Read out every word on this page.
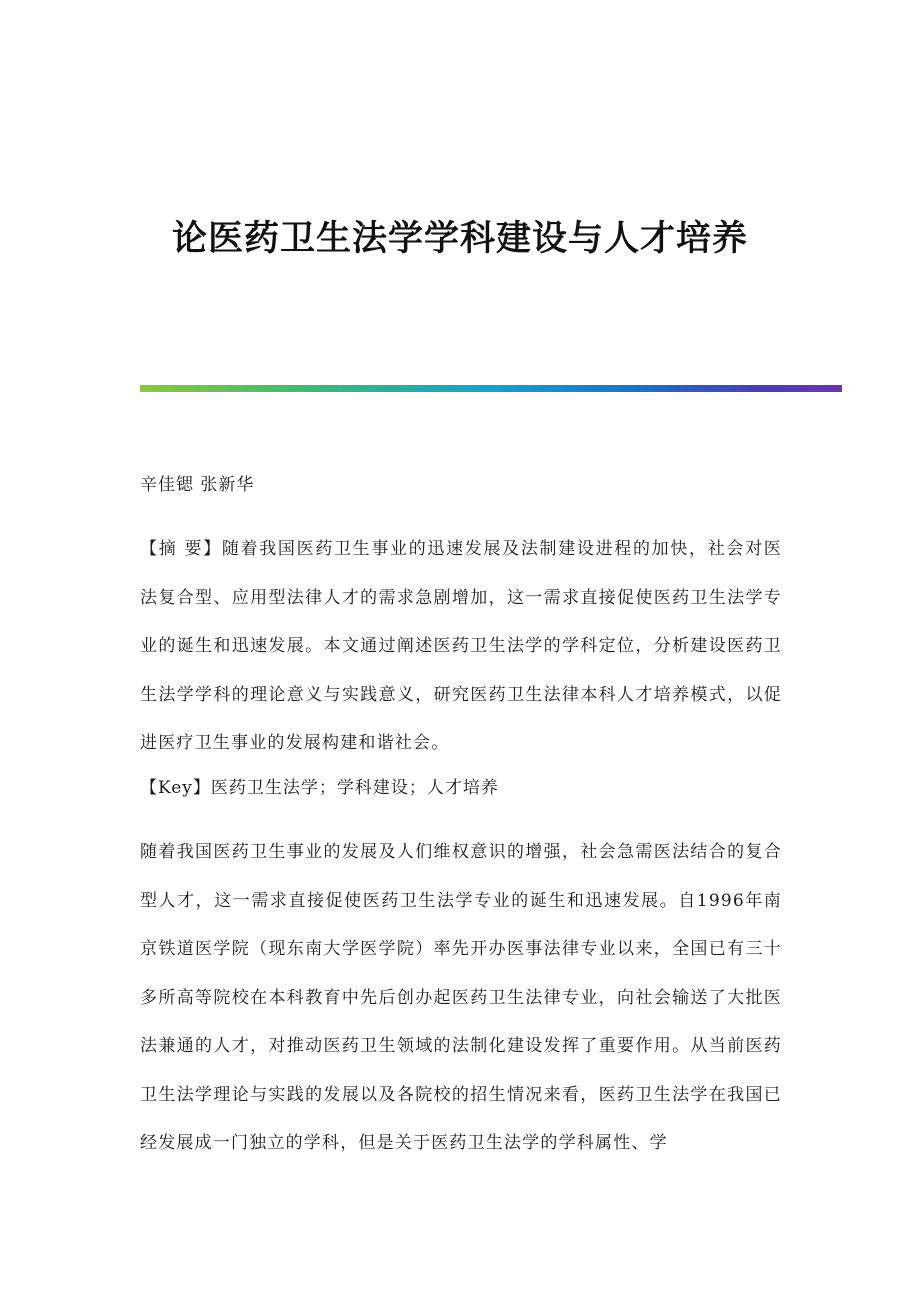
论医药卫生法学学科建设与人才培养
辛佳锶 张新华

【摘 要】随着我国医药卫生事业的迅速发展及法制建设进程的加快，社会对医法复合型、应用型法律人才的需求急剧增加，这一需求直接促使医药卫生法学专业的诞生和迅速发展。本文通过阐述医药卫生法学的学科定位，分析建设医药卫生法学学科的理论意义与实践意义，研究医药卫生法律本科人才培养模式，以促进医疗卫生事业的发展构建和谐社会。

【Key】医药卫生法学；学科建设；人才培养

随着我国医药卫生事业的发展及人们维权意识的增强，社会急需医法结合的复合型人才，这一需求直接促使医药卫生法学专业的诞生和迅速发展。自1996年南京铁道医学院（现东南大学医学院）率先开办医事法律专业以来，全国已有三十多所高等院校在本科教育中先后创办起医药卫生法律专业，向社会输送了大批医法兼通的人才，对推动医药卫生领域的法制化建设发挥了重要作用。从当前医药卫生法学理论与实践的发展以及各院校的招生情况来看，医药卫生法学在我国已经发展成一门独立的学科，但是关于医药卫生法学的学科属性、学
